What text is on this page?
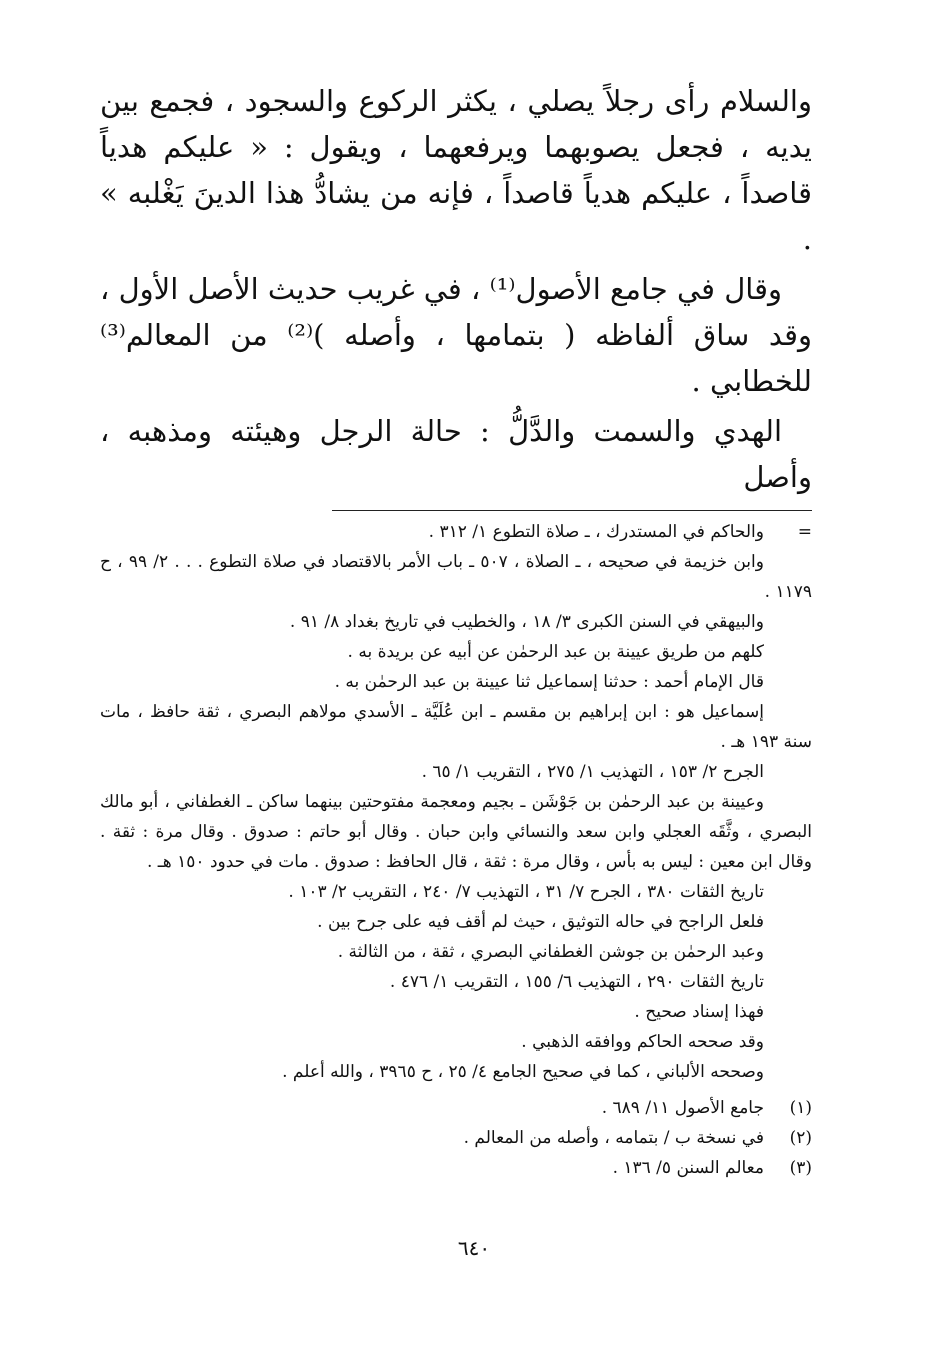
والسلام رأى رجلاً يصلي ، يكثر الركوع والسجود ، فجمع بين يديه ، فجعل يصوبهما ويرفعهما ، ويقول : « عليكم هدياً قاصداً ، عليكم هدياً قاصداً ، فإنه من يشادُّ هذا الدينَ يَغْلبه » .

وقال في جامع الأصول⁽¹⁾ ، في غريب حديث الأصل الأول ، وقد ساق ألفاظه ( بتمامها ، وأصله )⁽²⁾ من المعالم⁽³⁾ للخطابي .

الهدي والسمت والدَّلُّ : حالة الرجل وهيئته ومذهبه ، وأصل

=
والحاكم في المستدرك ، ـ صلاة التطوع ١/ ٣١٢ .

وابن خزيمة في صحيحه ، ـ الصلاة ، ٥٠٧ ـ باب الأمر بالاقتصاد في صلاة التطوع . . . ٢/ ٩٩ ، ح ١١٧٩ .

والبيهقي في السنن الكبرى ٣/ ١٨ ، والخطيب في تاريخ بغداد ٨/ ٩١ .

كلهم من طريق عيينة بن عبد الرحمٰن عن أبيه عن بريدة به .

قال الإمام أحمد : حدثنا إسماعيل ثنا عيينة بن عبد الرحمٰن به .

إسماعيل هو : ابن إبراهيم بن مقسم ـ ابن عُلَيَّة ـ الأسدي مولاهم البصري ، ثقة حافظ ، مات سنة ١٩٣ هـ .

الجرح ٢/ ١٥٣ ، التهذيب ١/ ٢٧٥ ، التقريب ١/ ٦٥ .

وعيينة بن عبد الرحمٰن بن جَوْشَن ـ بجيم ومعجمة مفتوحتين بينهما ساكن ـ الغطفاني ، أبو مالك البصري ، وثَّقَه العجلي وابن سعد والنسائي وابن حبان . وقال أبو حاتم : صدوق . وقال مرة : ثقة . وقال ابن معين : ليس به بأس ، وقال مرة : ثقة ، قال الحافظ : صدوق . مات في حدود ١٥٠ هـ .

تاريخ الثقات ٣٨٠ ، الجرح ٧/ ٣١ ، التهذيب ٧/ ٢٤٠ ، التقريب ٢/ ١٠٣ .

فلعل الراجح في حاله التوثيق ، حيث لم أقف فيه على جرح بين .

وعبد الرحمٰن بن جوشن الغطفاني البصري ، ثقة ، من الثالثة .

تاريخ الثقات ٢٩٠ ، التهذيب ٦/ ١٥٥ ، التقريب ١/ ٤٧٦ .

فهذا إسناد صحيح .

وقد صححه الحاكم ووافقه الذهبي .

وصححه الألباني ، كما في صحيح الجامع ٤/ ٢٥ ، ح ٣٩٦٥ ، والله أعلم .

(١)
جامع الأصول ١١/ ٦٨٩ .

(٢)
في نسخة ب / بتمامه ، وأصله من المعالم .

(٣)
معالم السنن ٥/ ١٣٦ .

٦٤٠
